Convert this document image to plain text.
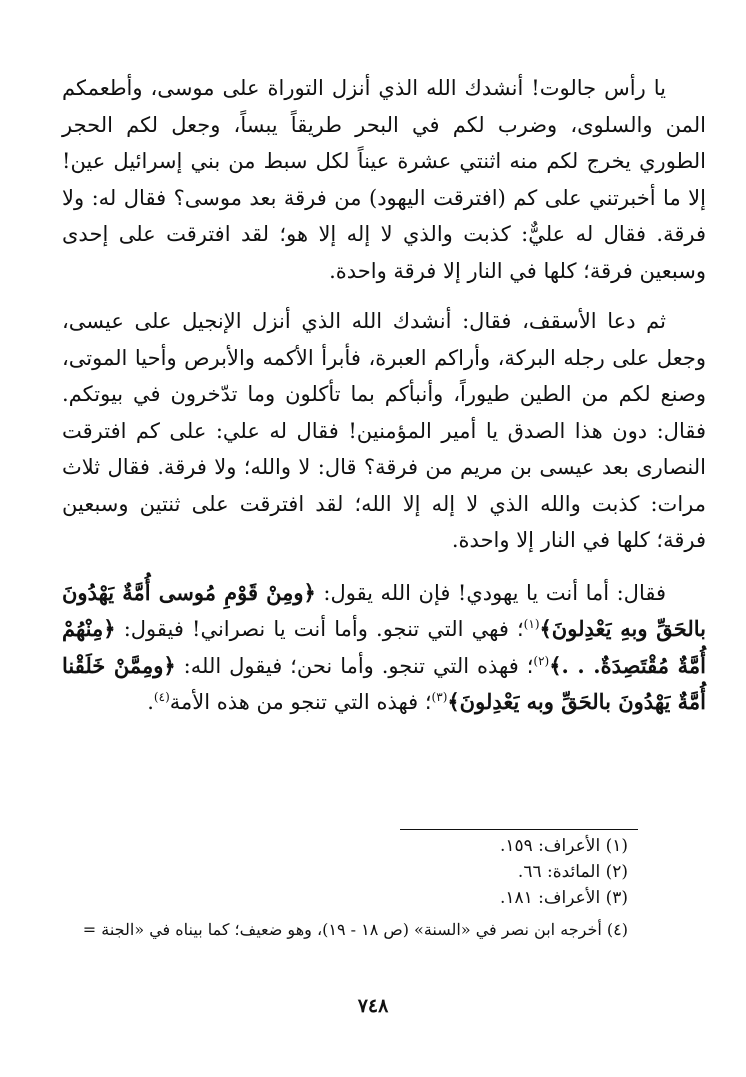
يا رأس جالوت! أنشدك الله الذي أنزل التوراة على موسى، وأطعمكم المن والسلوى، وضرب لكم في البحر طريقاً يبساً، وجعل لكم الحجر الطوري يخرج لكم منه اثنتي عشرة عيناً لكل سبط من بني إسرائيل عين! إلا ما أخبرتني على كم (افترقت اليهود) من فرقة بعد موسى؟ فقال له: ولا فرقة. فقال له عليٌّ: كذبت والذي لا إله إلا هو؛ لقد افترقت على إحدى وسبعين فرقة؛ كلها في النار إلا فرقة واحدة.

ثم دعا الأسقف، فقال: أنشدك الله الذي أنزل الإنجيل على عيسى، وجعل على رجله البركة، وأراكم العبرة، فأبرأ الأكمه والأبرص وأحيا الموتى، وصنع لكم من الطين طيوراً، وأنبأكم بما تأكلون وما تدّخرون في بيوتكم. فقال: دون هذا الصدق يا أمير المؤمنين! فقال له علي: على كم افترقت النصارى بعد عيسى بن مريم من فرقة؟ قال: لا والله؛ ولا فرقة. فقال ثلاث مرات: كذبت والله الذي لا إله إلا الله؛ لقد افترقت على ثنتين وسبعين فرقة؛ كلها في النار إلا واحدة.

فقال: أما أنت يا يهودي! فإن الله يقول: ﴿ومِنْ قَوْمِ مُوسى أُمَّةٌ يَهْدُونَ بالحَقِّ وبهِ يَعْدِلونَ﴾$^{(١)}$؛ فهي التي تنجو. وأما أنت يا نصراني! فيقول: ﴿مِنْهُمْ أُمَّةٌ مُقْتَصِدَةٌ. . .﴾$^{(٢)}$؛ فهذه التي تنجو. وأما نحن؛ فيقول الله: ﴿ومِمَّنْ خَلَقْنا أُمَّةٌ يَهْدُونَ بالحَقِّ وبه يَعْدِلونَ﴾$^{(٣)}$؛ فهذه التي تنجو من هذه الأمة$^{(٤)}$.

(١) الأعراف: ١٥٩.

(٢) المائدة: ٦٦.

(٣) الأعراف: ١٨١.

(٤) أخرجه ابن نصر في «السنة» (ص ١٨ - ١٩)، وهو ضعيف؛ كما بيناه في «الجنة =

٧٤٨
